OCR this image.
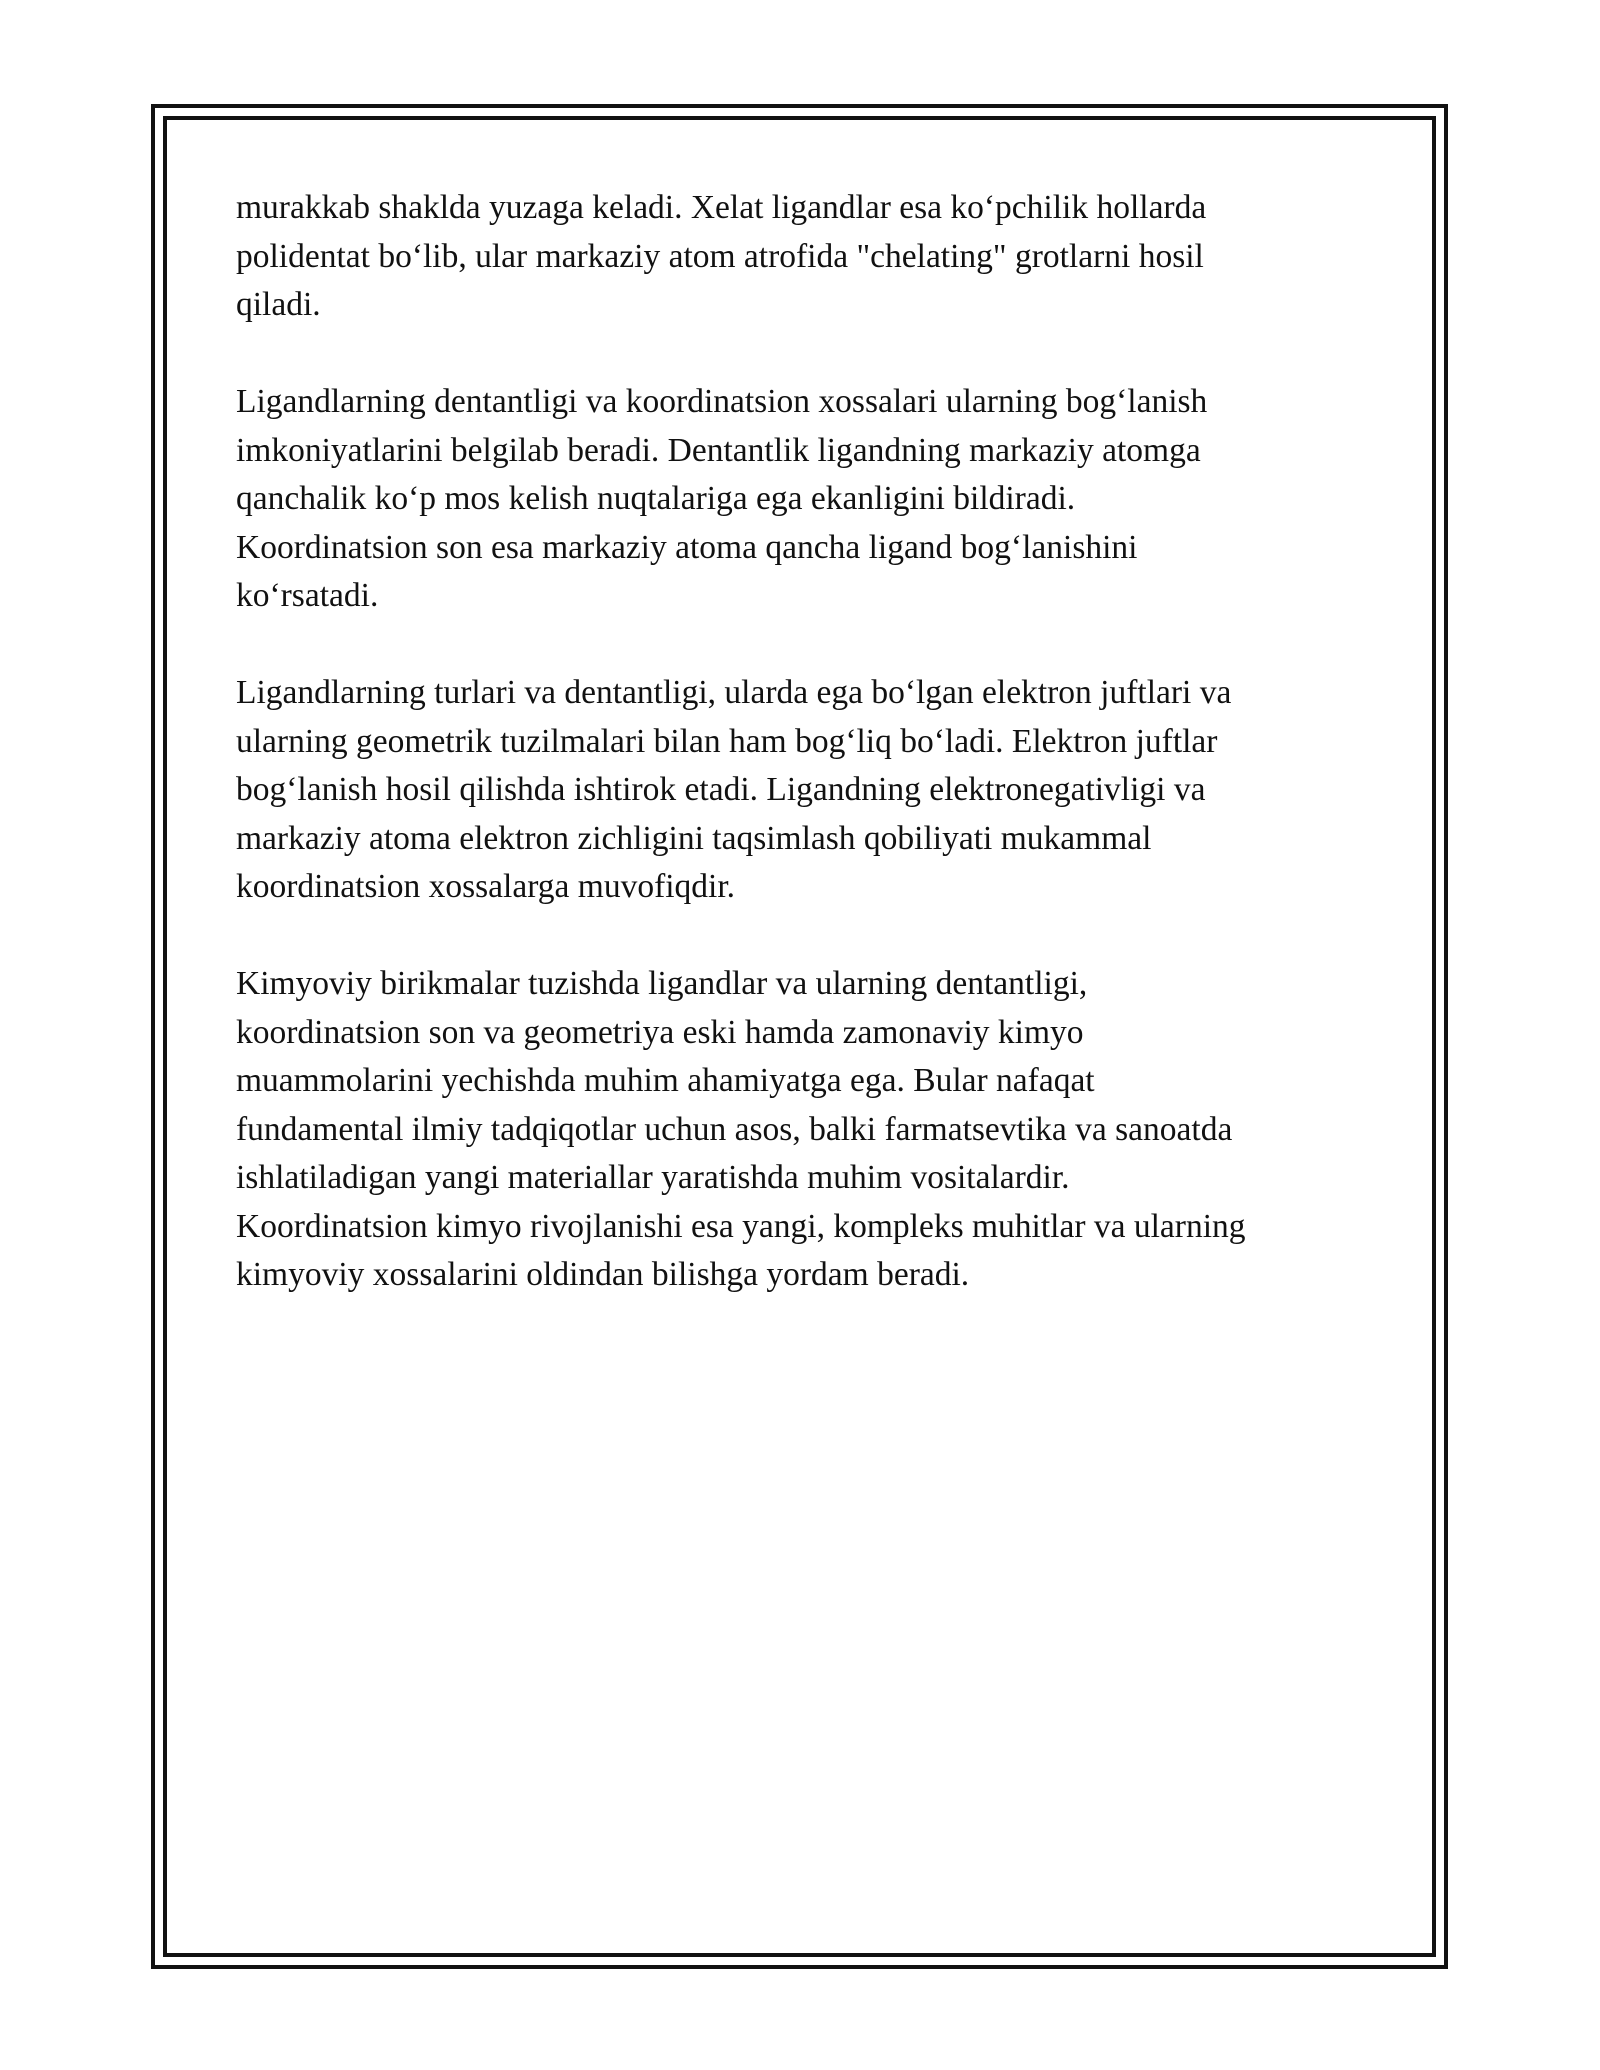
murakkab shaklda yuzaga keladi. Xelat ligandlar esa ko‘pchilik hollarda
polidentat bo‘lib, ular markaziy atom atrofida "chelating" grotlarni hosil
qiladi.

Ligandlarning dentantligi va koordinatsion xossalari ularning bog‘lanish
imkoniyatlarini belgilab beradi. Dentantlik ligandning markaziy atomga
qanchalik ko‘p mos kelish nuqtalariga ega ekanligini bildiradi.
Koordinatsion son esa markaziy atoma qancha ligand bog‘lanishini
ko‘rsatadi.

Ligandlarning turlari va dentantligi, ularda ega bo‘lgan elektron juftlari va
ularning geometrik tuzilmalari bilan ham bog‘liq bo‘ladi. Elektron juftlar
bog‘lanish hosil qilishda ishtirok etadi. Ligandning elektronegativligi va
markaziy atoma elektron zichligini taqsimlash qobiliyati mukammal
koordinatsion xossalarga muvofiqdir.

Kimyoviy birikmalar tuzishda ligandlar va ularning dentantligi,
koordinatsion son va geometriya eski hamda zamonaviy kimyo
muammolarini yechishda muhim ahamiyatga ega. Bular nafaqat
fundamental ilmiy tadqiqotlar uchun asos, balki farmatsevtika va sanoatda
ishlatiladigan yangi materiallar yaratishda muhim vositalardir.
Koordinatsion kimyo rivojlanishi esa yangi, kompleks muhitlar va ularning
kimyoviy xossalarini oldindan bilishga yordam beradi.
